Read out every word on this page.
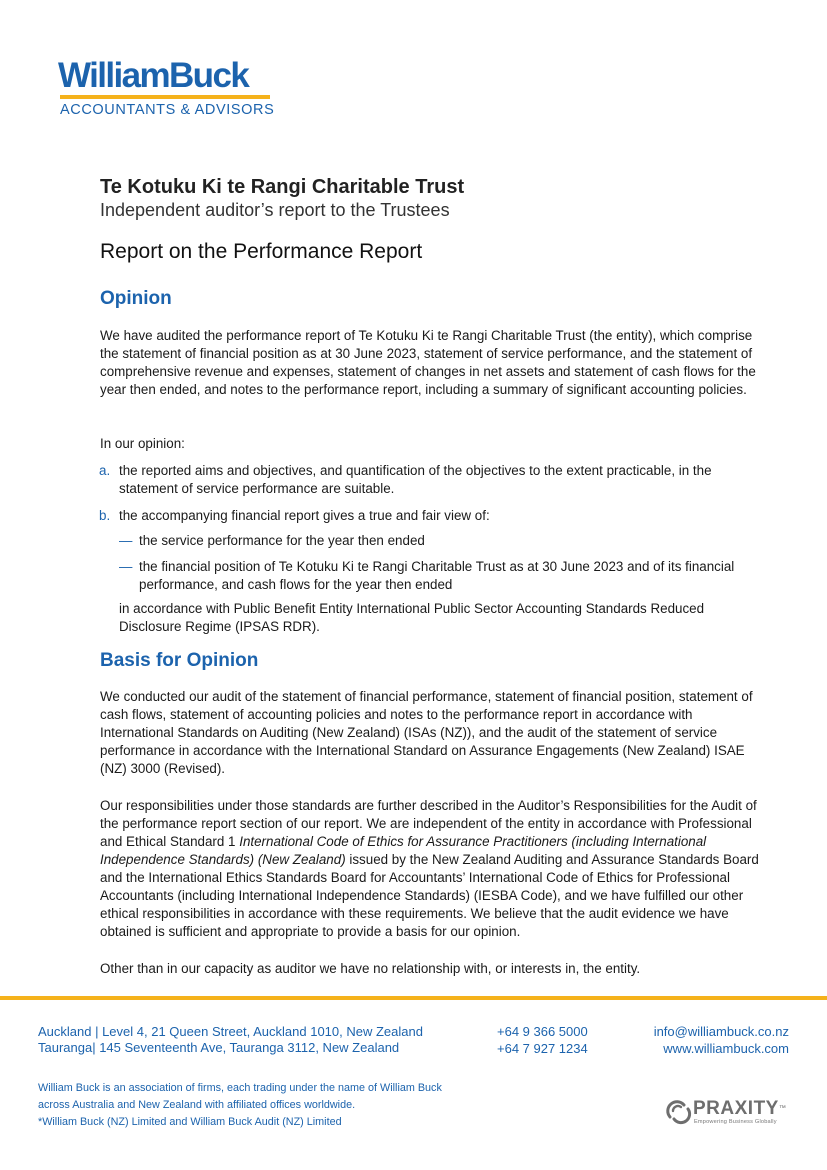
WilliamBuck
ACCOUNTANTS & ADVISORS
Te Kotuku Ki te Rangi Charitable Trust
Independent auditor’s report to the Trustees
Report on the Performance Report
Opinion
We have audited the performance report of Te Kotuku Ki te Rangi Charitable Trust (the entity), which comprise the statement of financial position as at 30 June 2023, statement of service performance, and the statement of comprehensive revenue and expenses, statement of changes in net assets and statement of cash flows for the year then ended, and notes to the performance report, including a summary of significant accounting policies.
In our opinion:
a. the reported aims and objectives, and quantification of the objectives to the extent practicable, in the statement of service performance are suitable.
b. the accompanying financial report gives a true and fair view of:
— the service performance for the year then ended
— the financial position of Te Kotuku Ki te Rangi Charitable Trust as at 30 June 2023 and of its financial performance, and cash flows for the year then ended
in accordance with Public Benefit Entity International Public Sector Accounting Standards Reduced Disclosure Regime (IPSAS RDR).
Basis for Opinion
We conducted our audit of the statement of financial performance, statement of financial position, statement of cash flows, statement of accounting policies and notes to the performance report in accordance with International Standards on Auditing (New Zealand) (ISAs (NZ)), and the audit of the statement of service performance in accordance with the International Standard on Assurance Engagements (New Zealand) ISAE (NZ) 3000 (Revised).
Our responsibilities under those standards are further described in the Auditor’s Responsibilities for the Audit of the performance report section of our report. We are independent of the entity in accordance with Professional and Ethical Standard 1 International Code of Ethics for Assurance Practitioners (including International Independence Standards) (New Zealand) issued by the New Zealand Auditing and Assurance Standards Board and the International Ethics Standards Board for Accountants’ International Code of Ethics for Professional Accountants (including International Independence Standards) (IESBA Code), and we have fulfilled our other ethical responsibilities in accordance with these requirements. We believe that the audit evidence we have obtained is sufficient and appropriate to provide a basis for our opinion.
Other than in our capacity as auditor we have no relationship with, or interests in, the entity.
Auckland | Level 4, 21 Queen Street, Auckland 1010, New Zealand
Tauranga| 145 Seventeenth Ave, Tauranga 3112, New Zealand
+64 9 366 5000
+64 7 927 1234
info@williambuck.co.nz
www.williambuck.com
William Buck is an association of firms, each trading under the name of William Buck
across Australia and New Zealand with affiliated offices worldwide.
*William Buck (NZ) Limited and William Buck Audit (NZ) Limited
PRAXITY™
Empowering Business Globally
